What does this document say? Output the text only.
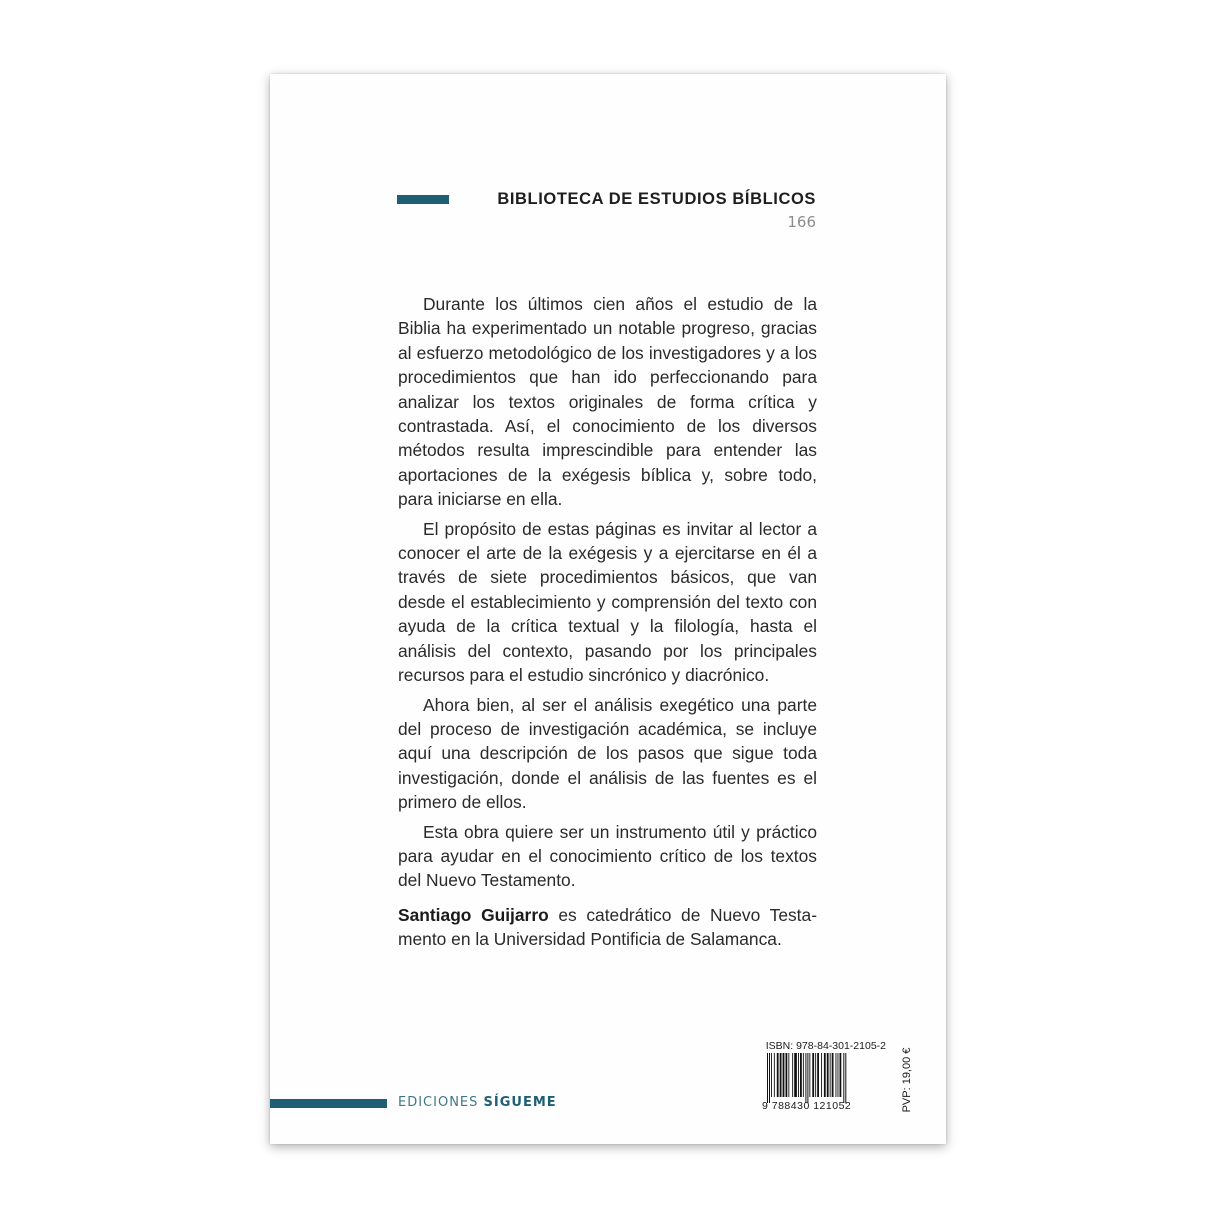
BIBLIOTECA DE ESTUDIOS BÍBLICOS
166

Durante los últimos cien años el estudio de la Biblia ha experimentado un notable progreso, gracias al esfuerzo metodológico de los investigadores y a los procedimientos que han ido perfeccionando para analizar los textos originales de forma crítica y contrastada. Así, el conocimiento de los diversos métodos resulta imprescindible para entender las aportaciones de la exégesis bíblica y, sobre todo, para iniciarse en ella.

El propósito de estas páginas es invitar al lector a conocer el arte de la exégesis y a ejercitarse en él a través de siete procedimientos básicos, que van desde el establecimiento y comprensión del texto con ayuda de la crítica textual y la filología, hasta el análisis del contexto, pasando por los principales recursos para el estudio sincrónico y diacrónico.

Ahora bien, al ser el análisis exegético una parte del proceso de investigación académica, se incluye aquí una descripción de los pasos que sigue toda investigación, donde el análisis de las fuentes es el primero de ellos.

Esta obra quiere ser un instrumento útil y práctico para ayudar en el conocimiento crítico de los textos del Nuevo Testamento.

Santiago Guijarro es catedrático de Nuevo Testamento en la Universidad Pontificia de Salamanca.

ISBN: 978-84-301-2105-2
9 788430 121052	PVP: 19,00 €
EDICIONES SÍGUEME
